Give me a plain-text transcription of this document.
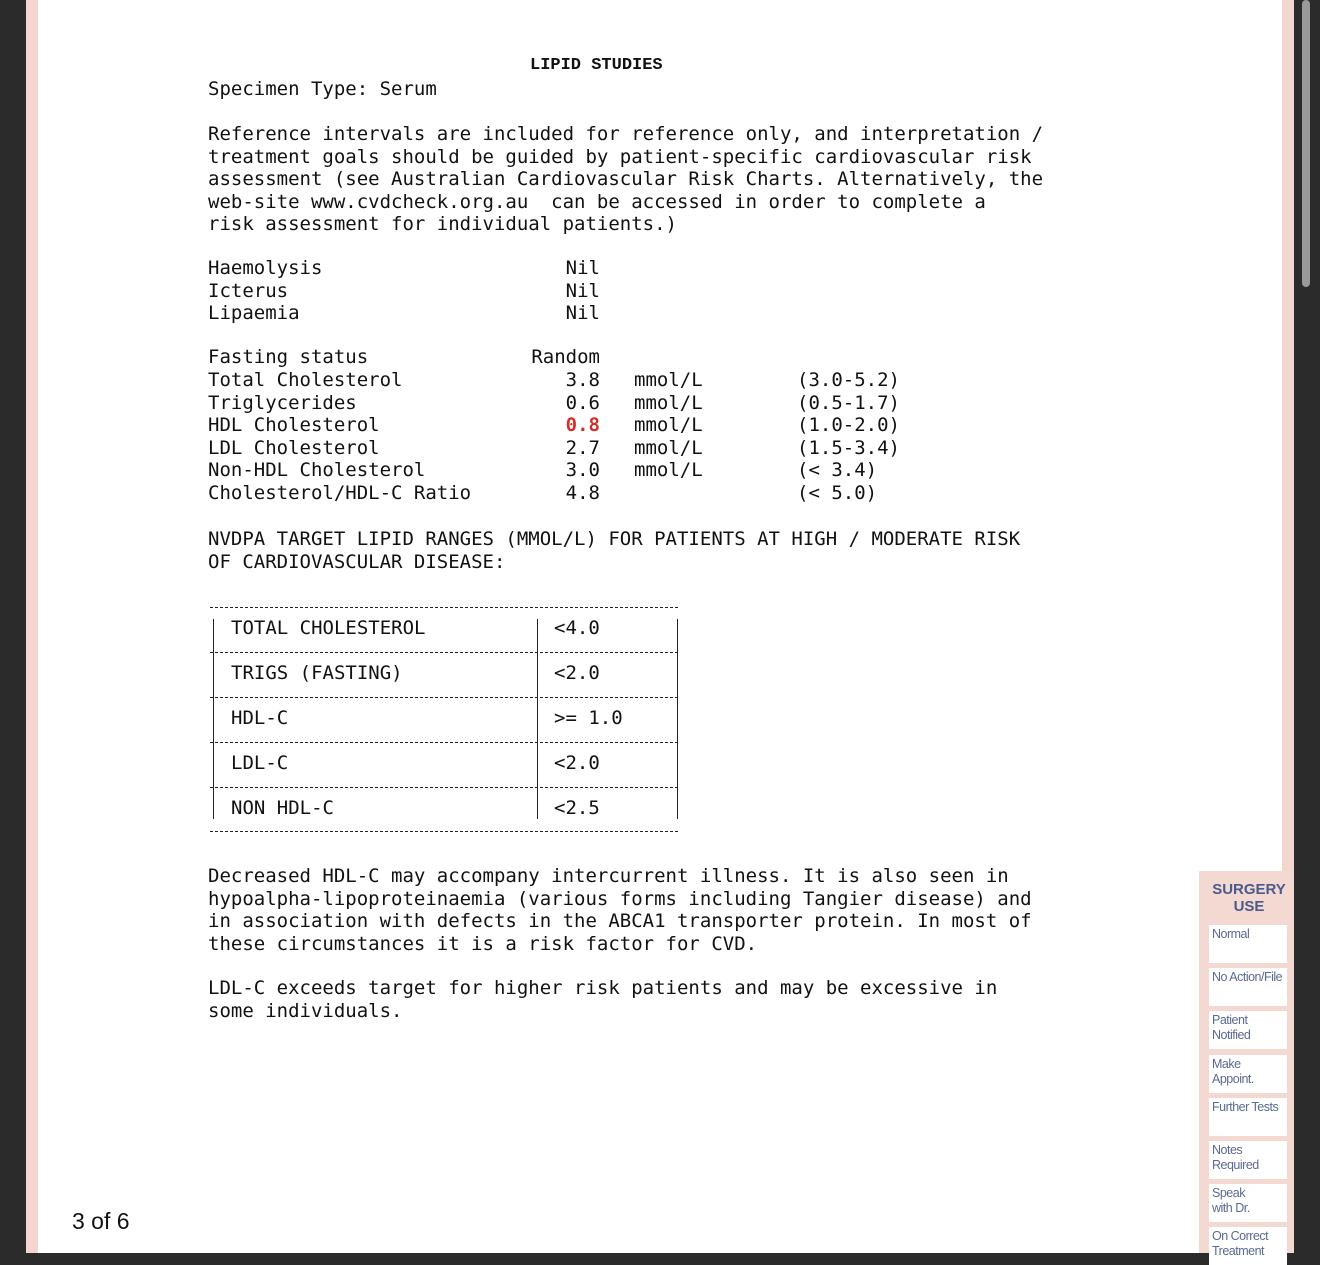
LIPID STUDIES
Specimen Type: Serum
Reference intervals are included for reference only, and interpretation /
treatment goals should be guided by patient-specific cardiovascular risk
assessment (see Australian Cardiovascular Risk Charts. Alternatively, the
web-site www.cvdcheck.org.au  can be accessed in order to complete a
risk assessment for individual patients.)
Haemolysis	Nil
Icterus	Nil
Lipaemia	Nil
Fasting status	Random
Total Cholesterol	3.8 mmol/L	(3.0-5.2)
Triglycerides	0.6 mmol/L	(0.5-1.7)
HDL Cholesterol	0.8 mmol/L	(1.0-2.0)
LDL Cholesterol	2.7 mmol/L	(1.5-3.4)
Non-HDL Cholesterol	3.0 mmol/L	(< 3.4)
Cholesterol/HDL-C Ratio	4.8	(< 5.0)
NVDPA TARGET LIPID RANGES (MMOL/L) FOR PATIENTS AT HIGH / MODERATE RISK
OF CARDIOVASCULAR DISEASE:
TOTAL CHOLESTEROL	<4.0
TRIGS (FASTING)	<2.0
HDL-C	>= 1.0
LDL-C	<2.0
NON HDL-C	<2.5
Decreased HDL-C may accompany intercurrent illness. It is also seen in
hypoalpha-lipoproteinaemia (various forms including Tangier disease) and
in association with defects in the ABCA1 transporter protein. In most of
these circumstances it is a risk factor for CVD.
LDL-C exceeds target for higher risk patients and may be excessive in
some individuals.
3 of 6
SURGERY
USE
Normal
No Action/File
Patient
Notified
Make
Appoint.
Further Tests
Notes
Required
Speak
with Dr.
On Correct
Treatment
